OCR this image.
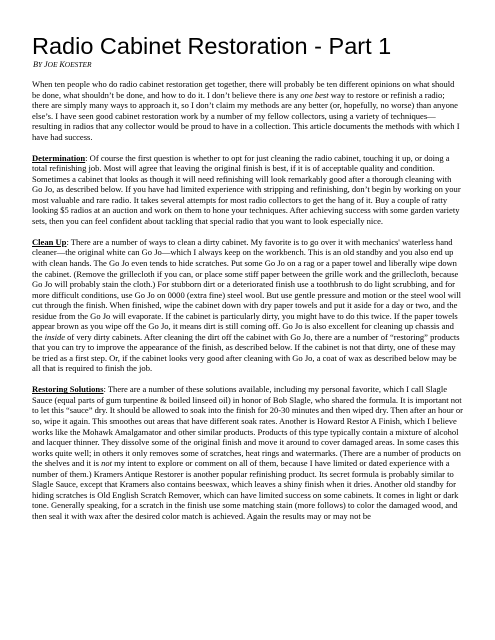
Radio Cabinet Restoration - Part 1
BY JOE KOESTER

When ten people who do radio cabinet restoration get together, there will probably be ten different opinions on what should be done, what shouldn’t be done, and how to do it. I don’t believe there is any one best way to restore or refinish a radio; there are simply many ways to approach it, so I don’t claim my methods are any better (or, hopefully, no worse) than anyone else’s. I have seen good cabinet restoration work by a number of my fellow collectors, using a variety of techniques—resulting in radios that any collector would be proud to have in a collection. This article documents the methods with which I have had success.

Determination: Of course the first question is whether to opt for just cleaning the radio cabinet, touching it up, or doing a total refinishing job. Most will agree that leaving the original finish is best, if it is of acceptable quality and condition. Sometimes a cabinet that looks as though it will need refinishing will look remarkably good after a thorough cleaning with Go Jo, as described below. If you have had limited experience with stripping and refinishing, don’t begin by working on your most valuable and rare radio. It takes several attempts for most radio collectors to get the hang of it. Buy a couple of ratty looking $5 radios at an auction and work on them to hone your techniques. After achieving success with some garden variety sets, then you can feel confident about tackling that special radio that you want to look especially nice.

Clean Up: There are a number of ways to clean a dirty cabinet. My favorite is to go over it with mechanics' waterless hand cleaner—the original white can Go Jo—which I always keep on the workbench. This is an old standby and you also end up with clean hands. The Go Jo even tends to hide scratches. Put some Go Jo on a rag or a paper towel and liberally wipe down the cabinet. (Remove the grillecloth if you can, or place some stiff paper between the grille work and the grillecloth, because Go Jo will probably stain the cloth.) For stubborn dirt or a deteriorated finish use a toothbrush to do light scrubbing, and for more difficult conditions, use Go Jo on 0000 (extra fine) steel wool. But use gentle pressure and motion or the steel wool will cut through the finish. When finished, wipe the cabinet down with dry paper towels and put it aside for a day or two, and the residue from the Go Jo will evaporate. If the cabinet is particularly dirty, you might have to do this twice. If the paper towels appear brown as you wipe off the Go Jo, it means dirt is still coming off. Go Jo is also excellent for cleaning up chassis and the inside of very dirty cabinets. After cleaning the dirt off the cabinet with Go Jo, there are a number of “restoring” products that you can try to improve the appearance of the finish, as described below. If the cabinet is not that dirty, one of these may be tried as a first step. Or, if the cabinet looks very good after cleaning with Go Jo, a coat of wax as described below may be all that is required to finish the job.

Restoring Solutions: There are a number of these solutions available, including my personal favorite, which I call Slagle Sauce (equal parts of gum turpentine & boiled linseed oil) in honor of Bob Slagle, who shared the formula. It is important not to let this “sauce” dry. It should be allowed to soak into the finish for 20-30 minutes and then wiped dry. Then after an hour or so, wipe it again. This smoothes out areas that have different soak rates. Another is Howard Restor A Finish, which I believe works like the Mohawk Amalgamator and other similar products. Products of this type typically contain a mixture of alcohol and lacquer thinner. They dissolve some of the original finish and move it around to cover damaged areas. In some cases this works quite well; in others it only removes some of scratches, heat rings and watermarks. (There are a number of products on the shelves and it is not my intent to explore or comment on all of them, because I have limited or dated experience with a number of them.) Kramers Antique Restorer is another popular refinishing product. Its secret formula is probably similar to Slagle Sauce, except that Kramers also contains beeswax, which leaves a shiny finish when it dries. Another old standby for hiding scratches is Old English Scratch Remover, which can have limited success on some cabinets. It comes in light or dark tone. Generally speaking, for a scratch in the finish use some matching stain (more follows) to color the damaged wood, and then seal it with wax after the desired color match is achieved. Again the results may or may not be
